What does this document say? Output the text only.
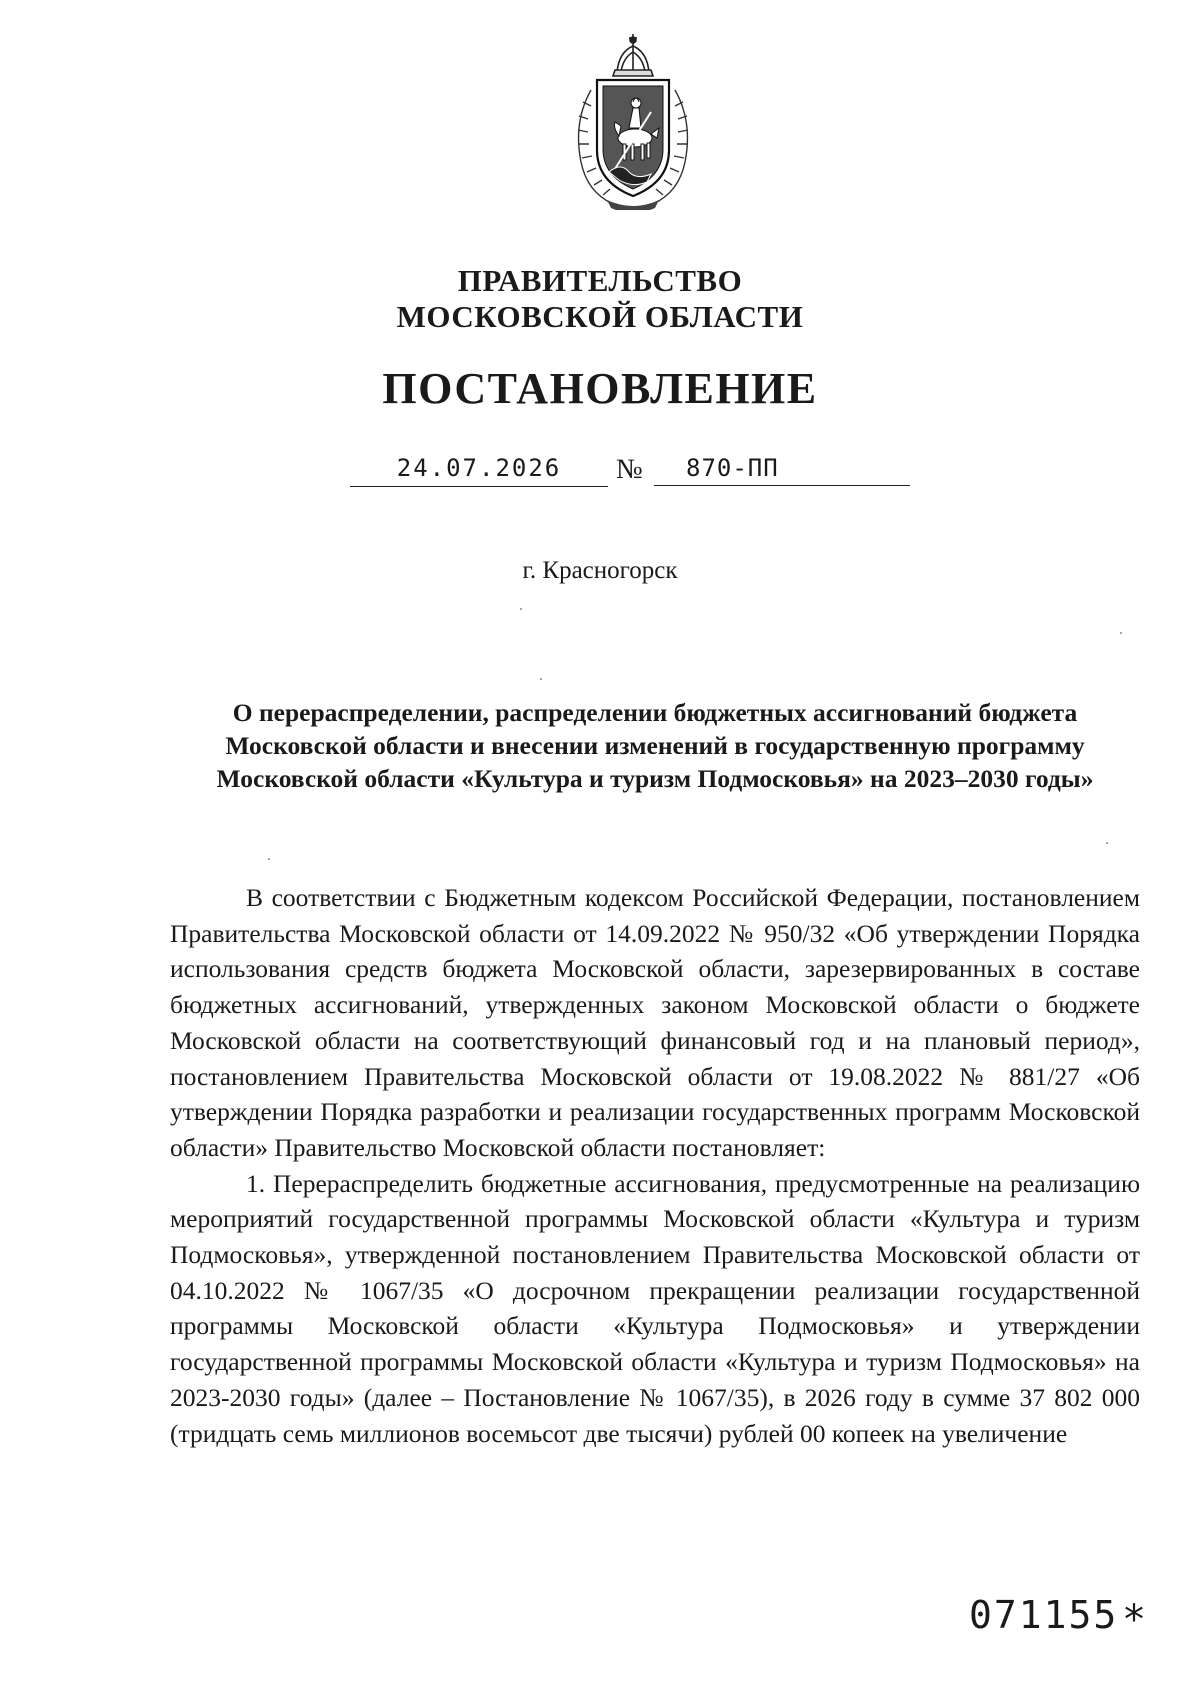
ПРАВИТЕЛЬСТВО
МОСКОВСКОЙ ОБЛАСТИ
ПОСТАНОВЛЕНИЕ
24.07.2026	№	870-ПП
г. Красногорск
О перераспределении, распределении бюджетных ассигнований бюджета Московской области и внесении изменений в государственную программу Московской области «Культура и туризм Подмосковья» на 2023–2030 годы»

В соответствии с Бюджетным кодексом Российской Федерации, постановлением Правительства Московской области от 14.09.2022 № 950/32 «Об утверждении Порядка использования средств бюджета Московской области, зарезервированных в составе бюджетных ассигнований, утвержденных законом Московской области о бюджете Московской области на соответствующий финансовый год и на плановый период», постановлением Правительства Московской области от 19.08.2022 № 881/27 «Об утверждении Порядка разработки и реализации государственных программ Московской области» Правительство Московской области постановляет:

1. Перераспределить бюджетные ассигнования, предусмотренные на реализацию мероприятий государственной программы Московской области «Культура и туризм Подмосковья», утвержденной постановлением Правительства Московской области от 04.10.2022 № 1067/35 «О досрочном прекращении реализации государственной программы Московской области «Культура Подмосковья» и утверждении государственной программы Московской области «Культура и туризм Подмосковья» на 2023-2030 годы» (далее – Постановление № 1067/35), в 2026 году в сумме 37 802 000 (тридцать семь миллионов восемьсот две тысячи) рублей 00 копеек на увеличение

071155 *
